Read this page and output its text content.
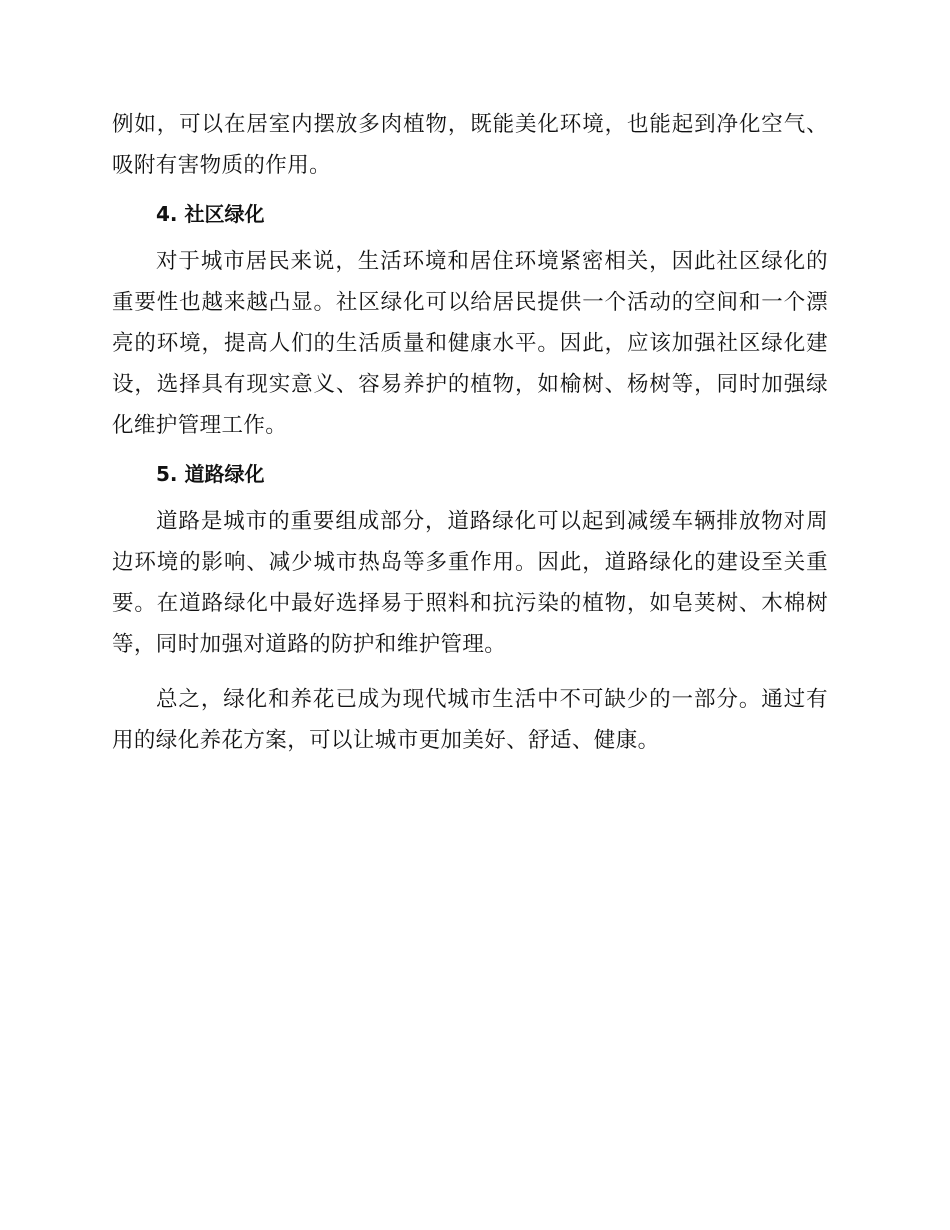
例如，可以在居室内摆放多肉植物，既能美化环境，也能起到净化空气、吸附有害物质的作用。

4. 社区绿化

对于城市居民来说，生活环境和居住环境紧密相关，因此社区绿化的重要性也越来越凸显。社区绿化可以给居民提供一个活动的空间和一个漂亮的环境，提高人们的生活质量和健康水平。因此，应该加强社区绿化建设，选择具有现实意义、容易养护的植物，如榆树、杨树等，同时加强绿化维护管理工作。

5. 道路绿化

道路是城市的重要组成部分，道路绿化可以起到减缓车辆排放物对周边环境的影响、减少城市热岛等多重作用。因此，道路绿化的建设至关重要。在道路绿化中最好选择易于照料和抗污染的植物，如皂荚树、木棉树等，同时加强对道路的防护和维护管理。

总之，绿化和养花已成为现代城市生活中不可缺少的一部分。通过有用的绿化养花方案，可以让城市更加美好、舒适、健康。
